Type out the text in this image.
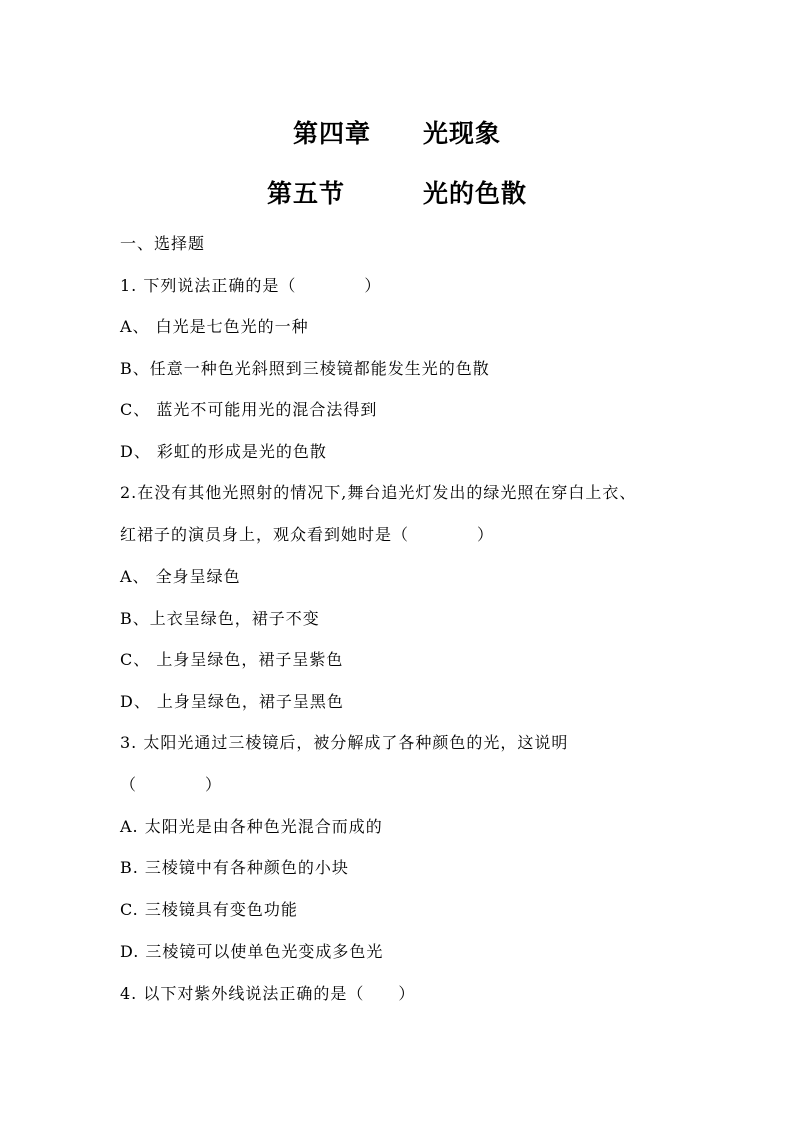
第四章　　光现象
第五节　　　光的色散
一、选择题
1. 下列说法正确的是（　　　　）
A、 白光是七色光的一种
B、任意一种色光斜照到三棱镜都能发生光的色散
C、 蓝光不可能用光的混合法得到
D、 彩虹的形成是光的色散
2.在没有其他光照射的情况下,舞台追光灯发出的绿光照在穿白上衣、
红裙子的演员身上，观众看到她时是（　　　　）
A、 全身呈绿色
B、上衣呈绿色，裙子不变
C、 上身呈绿色，裙子呈紫色
D、 上身呈绿色，裙子呈黑色
3. 太阳光通过三棱镜后，被分解成了各种颜色的光，这说明
（　　　　）
A. 太阳光是由各种色光混合而成的
B. 三棱镜中有各种颜色的小块
C. 三棱镜具有变色功能
D. 三棱镜可以使单色光变成多色光
4. 以下对紫外线说法正确的是（　　）
